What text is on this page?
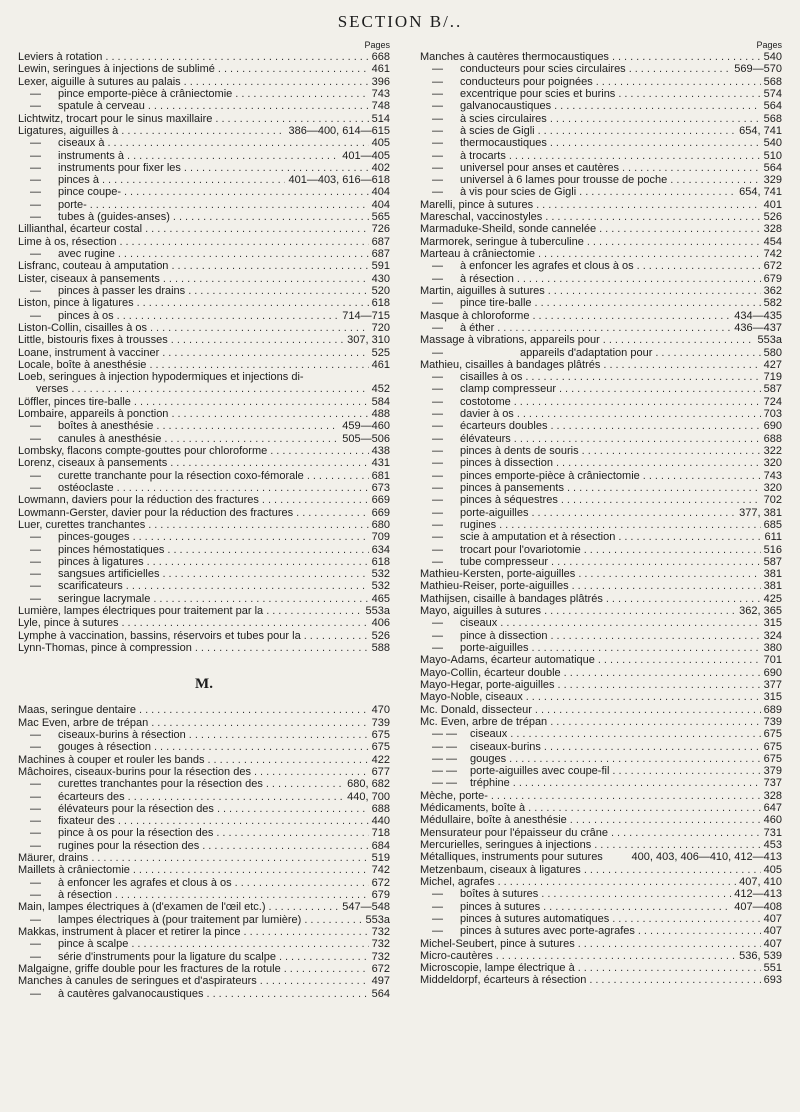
SECTION B/..
Pages
Leviers à rotation .....	668
Lewin, seringues à injections de sublimé .....	461
Lexer, aiguille à sutures au palais .....	396
—	pince emporte-pièce à crâniectomie .....	743
—	spatule à cerveau .....	748
Lichtwitz, trocart pour le sinus maxillaire .....	514
Ligatures, aiguilles à .....	386—400, 614—615
—	ciseaux à .....	405
—	instruments à .....	401—405
—	instruments pour fixer les .....	402
—	pinces à .....	401—403, 616—618
—	pince coupe- .....	404
—	porte- .....	404
—	tubes à (guides-anses) .....	565
Lillianthal, écarteur costal .....	726
Lime à os, résection .....	687
—	avec rugine .....	687
Lisfranc, couteau à amputation .....	591
Lister, ciseaux à pansements .....	430
—	pinces à passer les drains .....	520
Liston, pince à ligatures .....	618
—	pinces à os .....	714—715
Liston-Collin, cisailles à os .....	720
Little, bistouris fixes à trousses .....	307, 310
Loane, instrument à vacciner .....	525
Locale, boîte à anesthésie .....	461
Loeb, seringues à injection hypodermiques et injections di-
verses .....	452
Löffler, pinces tire-balle .....	584
Lombaire, appareils à ponction .....	488
—	boîtes à anesthésie .....	459—460
—	canules à anesthésie .....	505—506
Lombsky, flacons compte-gouttes pour chloroforme .....	438
Lorenz, ciseaux à pansements .....	431
—	curette tranchante pour la résection coxo-fémorale .....	681
—	ostéoclaste .....	673
Lowmann, daviers pour la réduction des fractures .....	669
Lowmann-Gerster, davier pour la réduction des fractures .....	669
Luer, curettes tranchantes .....	680
—	pinces-gouges .....	709
—	pinces hémostatiques .....	634
—	pinces à ligatures .....	618
—	sangsues artificielles .....	532
—	scarificateurs .....	532
—	seringue lacrymale .....	465
Lumière, lampes électriques pour traitement par la .....	553a
Lyle, pince à sutures .....	406
Lymphe à vaccination, bassins, réservoirs et tubes pour la .....	526
Lynn-Thomas, pince à compression .....	588
M.
Maas, seringue dentaire .....	470
Mac Even, arbre de trépan .....	739
—	ciseaux-burins à résection .....	675
—	gouges à résection .....	675
Machines à couper et rouler les bands .....	422
Mâchoires, ciseaux-burins pour la résection des .....	677
—	curettes tranchantes pour la résection des .....	680, 682
—	écarteurs des .....	440, 700
—	élévateurs pour la résection des .....	688
—	fixateur des .....	440
—	pince à os pour la résection des .....	718
—	rugines pour la résection des .....	684
Mäurer, drains .....	519
Maillets à crâniectomie .....	742
—	à enfoncer les agrafes et clous à os .....	672
—	à résection .....	679
Main, lampes électriques à (d'examen de l'œil etc.) .....	547—548
—	lampes électriques à (pour traitement par lumière) .....	553a
Makkas, instrument à placer et retirer la pince .....	732
—	pince à scalpe .....	732
—	série d'instruments pour la ligature du scalpe .....	732
Malgaigne, griffe double pour les fractures de la rotule .....	672
Manches à canules de seringues et d'aspirateurs .....	497
—	à cautères galvanocaustiques .....	564
Pages
Manches à cautères thermocaustiques .....	540
—	conducteurs pour scies circulaires .....	569—570
—	conducteurs pour poignées .....	568
—	excentrique pour scies et burins .....	574
—	galvanocaustiques .....	564
—	à scies circulaires .....	568
—	à scies de Gigli .....	654, 741
—	thermocaustiques .....	540
—	à trocarts .....	510
—	universel pour anses et cautères .....	564
—	universel à 6 lames pour trousse de poche .....	329
—	à vis pour scies de Gigli .....	654, 741
Marelli, pince à sutures .....	401
Mareschal, vaccinostyles .....	526
Marmaduke-Sheild, sonde cannelée .....	328
Marmorek, seringue à tuberculine .....	454
Marteau à crâniectomie .....	742
—	à enfoncer les agrafes et clous à os .....	672
—	à résection .....	679
Martin, aiguilles à sutures .....	362
—	pince tire-balle .....	582
Masque à chloroforme .....	434—435
—	à éther .....	436—437
Massage à vibrations, appareils pour .....	553a
—	appareils d'adaptation pour .....	580
Mathieu, cisailles à bandages plâtrés .....	427
—	cisailles à os .....	719
—	clamp compresseur .....	587
—	costotome .....	724
—	davier à os .....	703
—	écarteurs doubles .....	690
—	élévateurs .....	688
—	pinces à dents de souris .....	322
—	pinces à dissection .....	320
—	pinces emporte-pièce à crâniectomie .....	743
—	pinces à pansements .....	320
—	pinces à séquestres .....	702
—	porte-aiguilles .....	377, 381
—	rugines .....	685
—	scie à amputation et à résection .....	611
—	trocart pour l'ovariotomie .....	516
—	tube compresseur .....	587
Mathieu-Kersten, porte-aiguilles .....	381
Mathieu-Reiser, porte-aiguilles .....	381
Mathijsen, cisaille à bandages plâtrés .....	425
Mayo, aiguilles à sutures .....	362, 365
—	ciseaux .....	315
—	pince à dissection .....	324
—	porte-aiguilles .....	380
Mayo-Adams, écarteur automatique .....	701
Mayo-Collin, écarteur double .....	690
Mayo-Hegar, porte-aiguilles .....	377
Mayo-Noble, ciseaux .....	315
Mc. Donald, dissecteur .....	689
Mc. Even, arbre de trépan .....	739
— —	ciseaux .....	675
— —	ciseaux-burins .....	675
— —	gouges .....	675
— —	porte-aiguilles avec coupe-fil .....	379
— —	tréphine .....	737
Mèche, porte- .....	328
Médicaments, boîte à .....	647
Médullaire, boîte à anesthésie .....	460
Mensurateur pour l'épaisseur du crâne .....	731
Mercurielles, seringues à injections .....	453
Métalliques, instruments pour sutures	400, 403, 406—410, 412—413
Metzenbaum, ciseaux à ligatures .....	405
Michel, agrafes .....	407, 410
—	boîtes à sutures .....	412—413
—	pinces à sutures .....	407—408
—	pinces à sutures automatiques .....	407
—	pinces à sutures avec porte-agrafes .....	407
Michel-Seubert, pince à sutures .....	407
Micro-cautères .....	536, 539
Microscopie, lampe électrique à .....	551
Middeldorpf, écarteurs à résection .....	693
